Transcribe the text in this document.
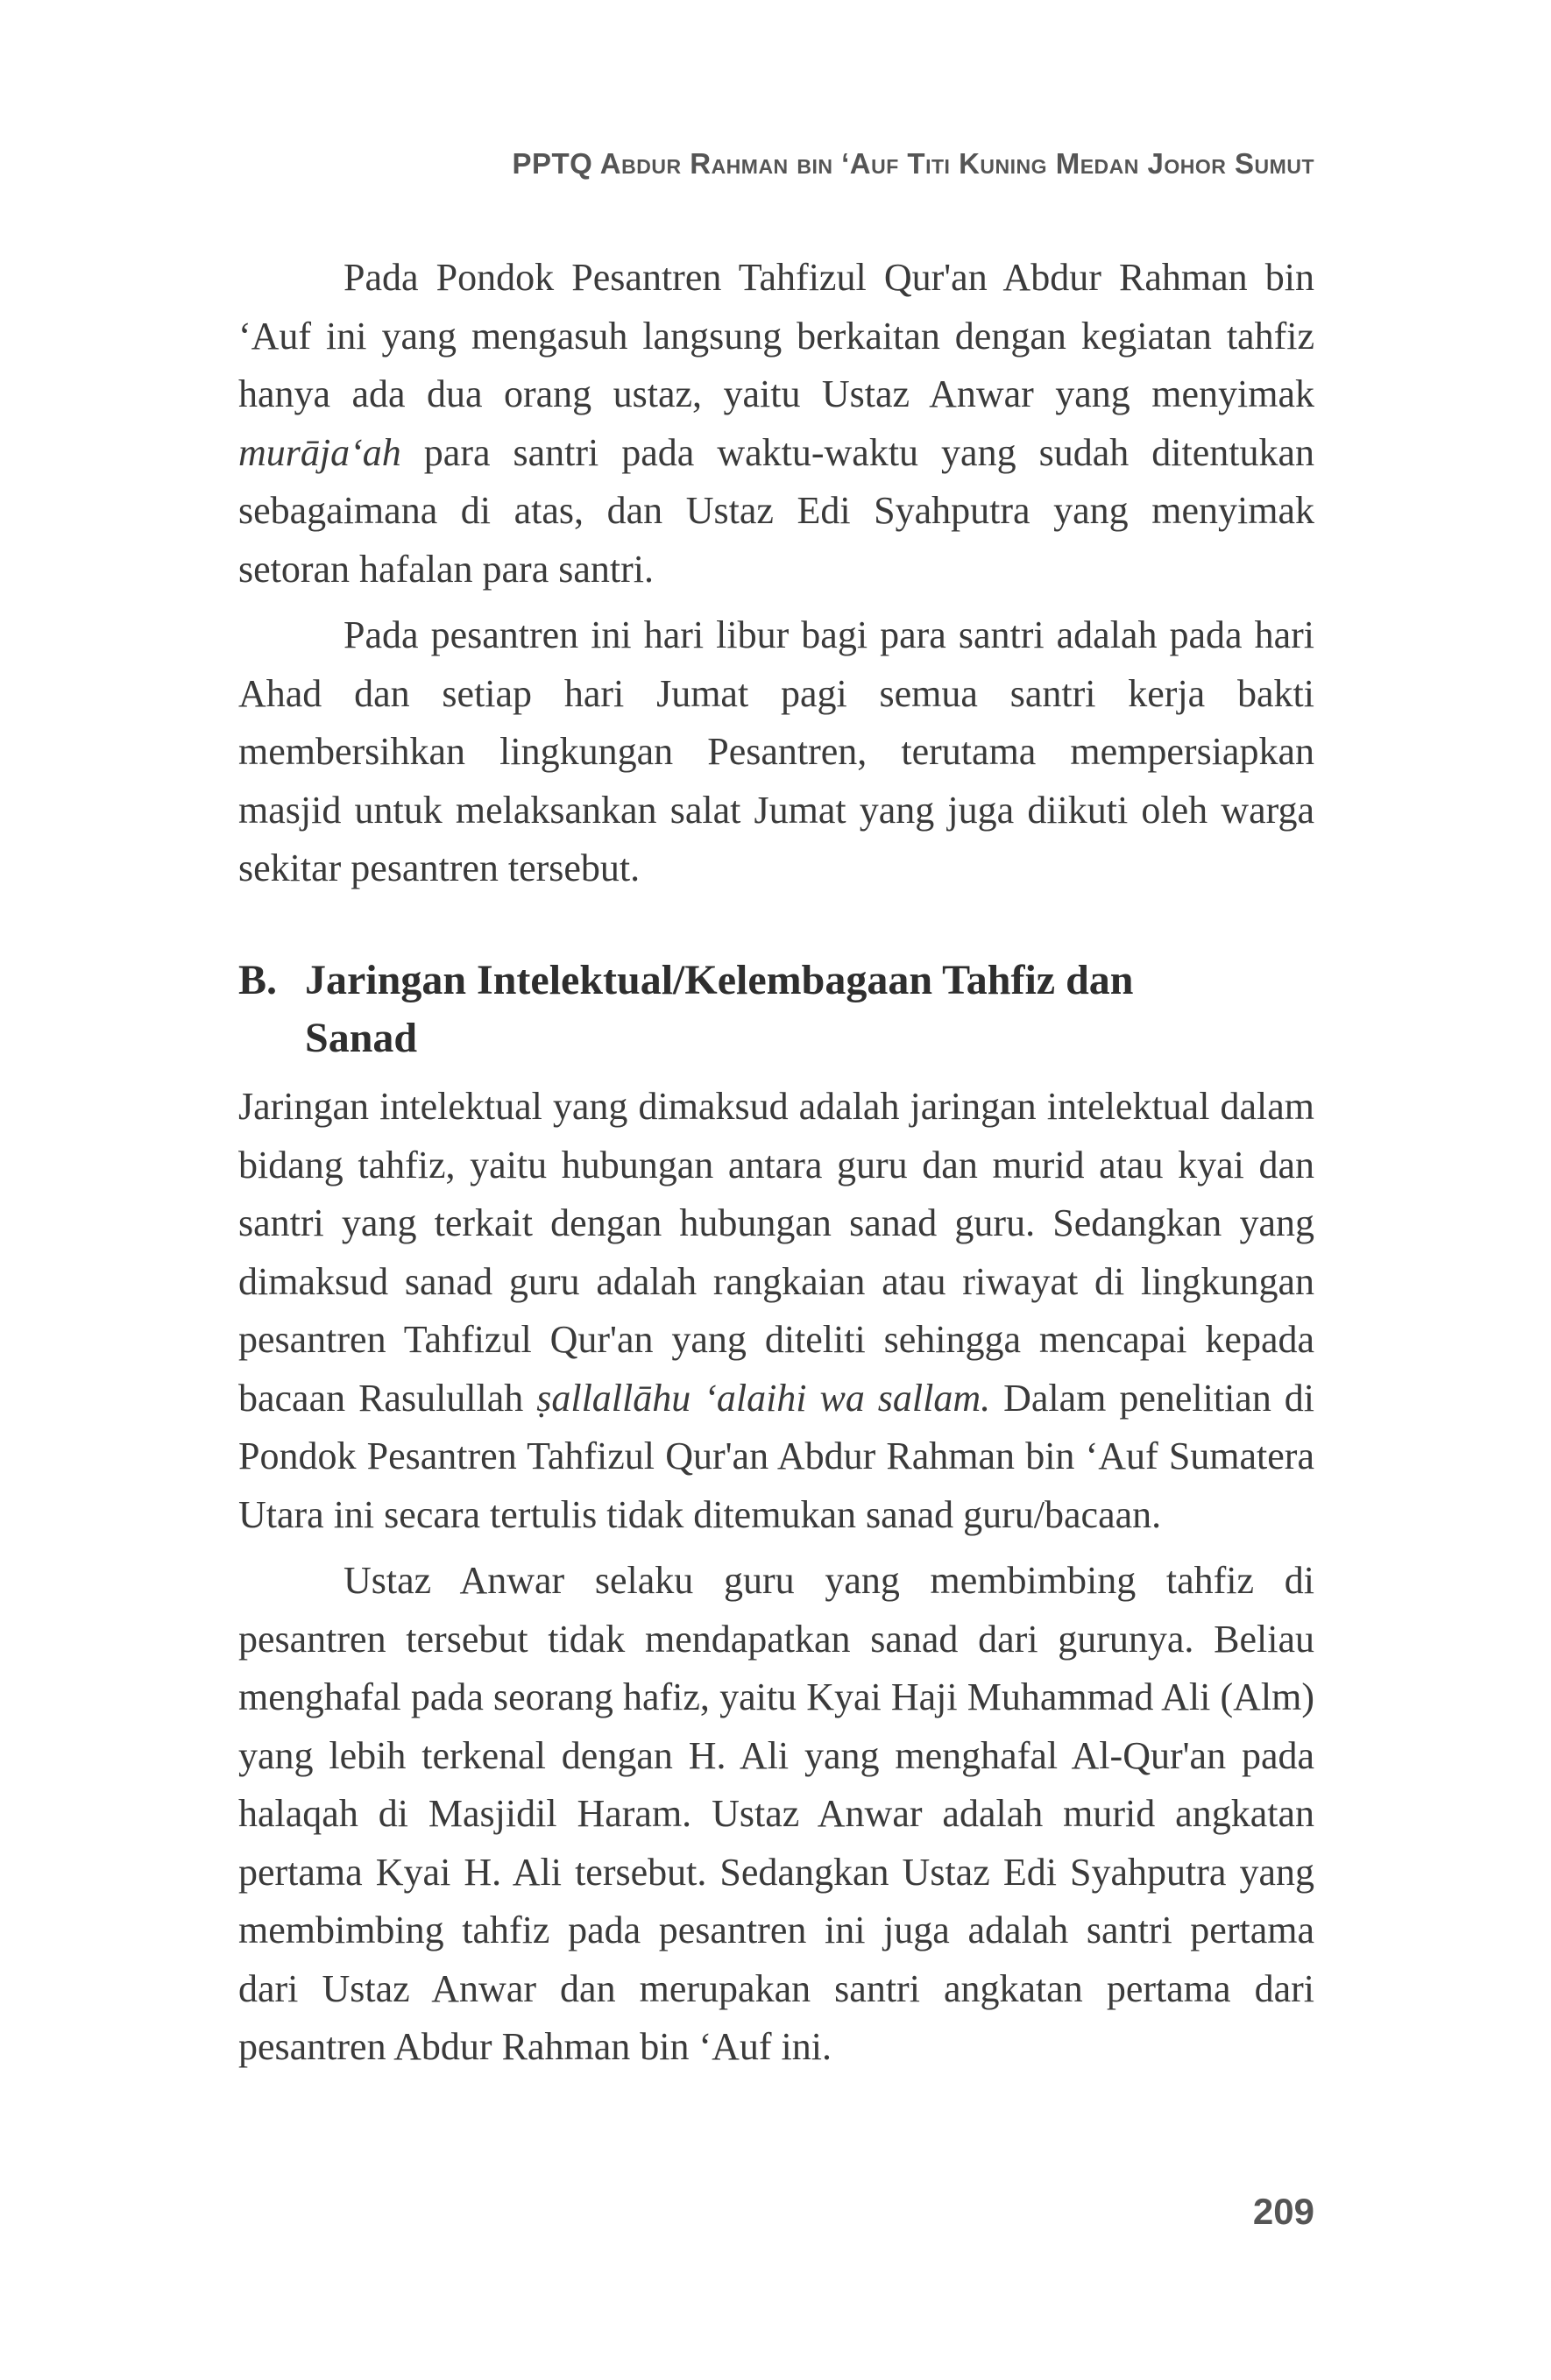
PPTQ Abdur Rahman bin ‘Auf Titi Kuning Medan Johor Sumut

Pada Pondok Pesantren Tahfizul Qur'an Abdur Rahman bin ‘Auf ini yang mengasuh langsung berkaitan dengan kegiatan tahfiz hanya ada dua orang ustaz, yaitu Ustaz Anwar yang menyimak murāja‘ah para santri pada waktu-waktu yang sudah ditentukan sebagaimana di atas, dan Ustaz Edi Syahputra yang menyimak setoran hafalan para santri.

Pada pesantren ini hari libur bagi para santri adalah pada hari Ahad dan setiap hari Jumat pagi semua santri kerja bakti membersihkan lingkungan Pesantren, terutama mempersiapkan masjid untuk melaksankan salat Jumat yang juga diikuti oleh warga sekitar pesantren tersebut.

B. Jaringan Intelektual/Kelembagaan Tahfiz dan
Sanad

Jaringan intelektual yang dimaksud adalah jaringan intelektual dalam bidang tahfiz, yaitu hubungan antara guru dan murid atau kyai dan santri yang terkait dengan hubungan sanad guru. Sedangkan yang dimaksud sanad guru adalah rangkaian atau riwayat di lingkungan pesantren Tahfizul Qur'an yang diteliti sehingga mencapai kepada bacaan Rasulullah ṣallallāhu ‘alaihi wa sallam. Dalam penelitian di Pondok Pesantren Tahfizul Qur'an Abdur Rahman bin ‘Auf Sumatera Utara ini secara tertulis tidak ditemukan sanad guru/bacaan.

Ustaz Anwar selaku guru yang membimbing tahfiz di pesantren tersebut tidak mendapatkan sanad dari gurunya. Beliau menghafal pada seorang hafiz, yaitu Kyai Haji Muhammad Ali (Alm) yang lebih terkenal dengan H. Ali yang menghafal Al-Qur'an pada halaqah di Masjidil Haram. Ustaz Anwar adalah murid angkatan pertama Kyai H. Ali tersebut. Sedangkan Ustaz Edi Syahputra yang membimbing tahfiz pada pesantren ini juga adalah santri pertama dari Ustaz Anwar dan merupakan santri angkatan pertama dari pesantren Abdur Rahman bin ‘Auf ini.

209
